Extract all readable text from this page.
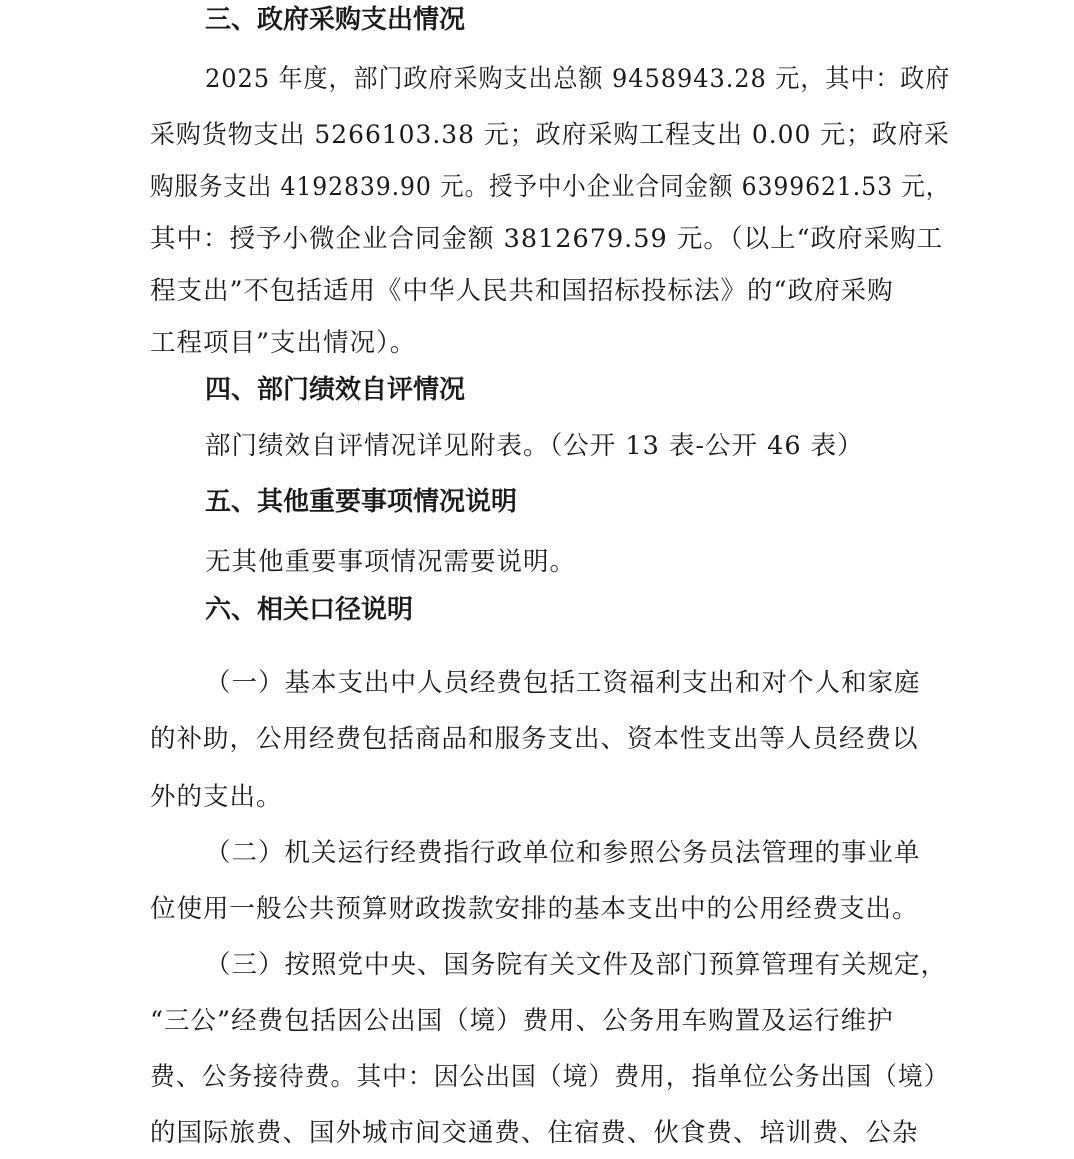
三、政府采购支出情况
2025 年度，部门政府采购支出总额 9458943.28 元，其中：政府
采购货物支出 5266103.38 元；政府采购工程支出 0.00 元；政府采
购服务支出 4192839.90 元。授予中小企业合同金额 6399621.53 元，
其中：授予小微企业合同金额 3812679.59 元。（以上“政府采购工
程支出”不包括适用《中华人民共和国招标投标法》的“政府采购
工程项目”支出情况）。
四、部门绩效自评情况
部门绩效自评情况详见附表。（公开 13 表-公开 46 表）
五、其他重要事项情况说明
无其他重要事项情况需要说明。
六、相关口径说明
（一）基本支出中人员经费包括工资福利支出和对个人和家庭
的补助，公用经费包括商品和服务支出、资本性支出等人员经费以
外的支出。
（二）机关运行经费指行政单位和参照公务员法管理的事业单
位使用一般公共预算财政拨款安排的基本支出中的公用经费支出。
（三）按照党中央、国务院有关文件及部门预算管理有关规定，
“三公”经费包括因公出国（境）费用、公务用车购置及运行维护
费、公务接待费。其中：因公出国（境）费用，指单位公务出国（境）
的国际旅费、国外城市间交通费、住宿费、伙食费、培训费、公杂
